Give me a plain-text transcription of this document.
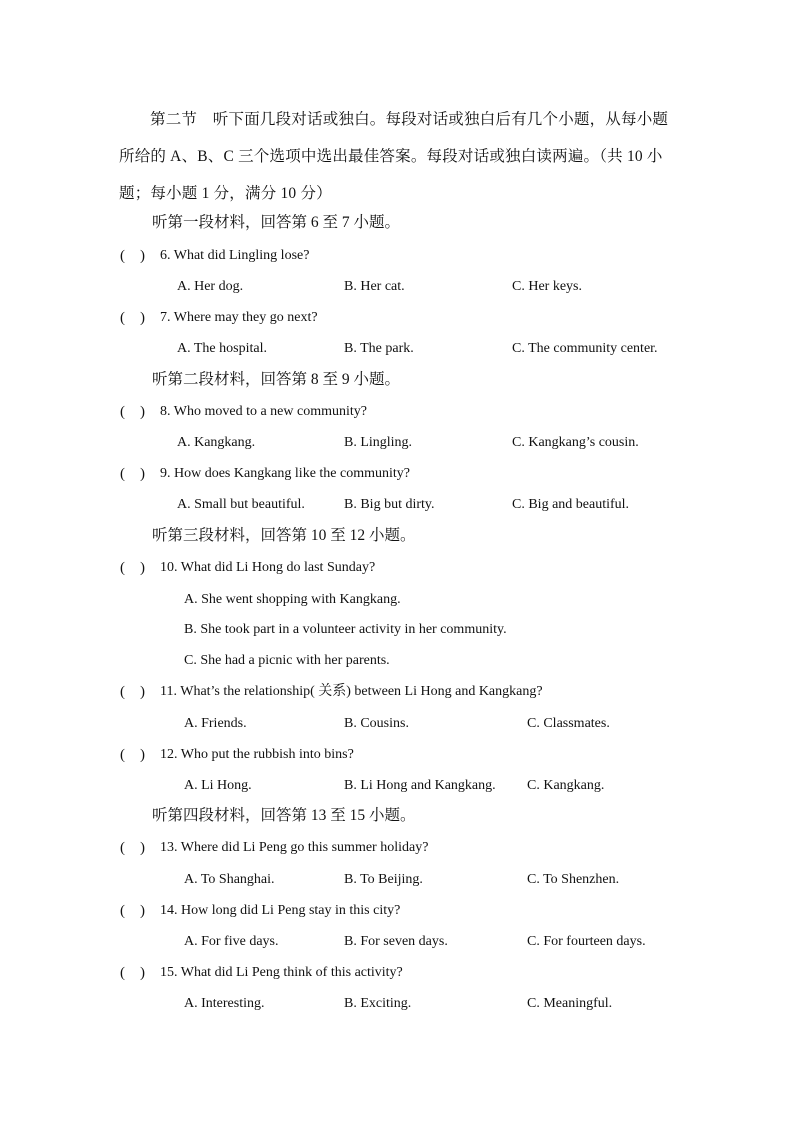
第二节　听下面几段对话或独白。每段对话或独白后有几个小题，从每小题
所给的 A、B、C 三个选项中选出最佳答案。每段对话或独白读两遍。（共 10 小
题；每小题 1 分，满分 10 分）
听第一段材料，回答第 6 至 7 小题。
(　) 6. What did Lingling lose?
A. Her dog.	B. Her cat.	C. Her keys.
(　) 7. Where may they go next?
A. The hospital.	B. The park.	C. The community center.
听第二段材料，回答第 8 至 9 小题。
(　) 8. Who moved to a new community?
A. Kangkang.	B. Lingling.	C. Kangkang’s cousin.
(　) 9. How does Kangkang like the community?
A. Small but beautiful.	B. Big but dirty.	C. Big and beautiful.
听第三段材料，回答第 10 至 12 小题。
(　) 10. What did Li Hong do last Sunday?
A. She went shopping with Kangkang.
B. She took part in a volunteer activity in her community.
C. She had a picnic with her parents.
(　) 11. What’s the relationship( 关系) between Li Hong and Kangkang?
A. Friends.	B. Cousins.	C. Classmates.
(　) 12. Who put the rubbish into bins?
A. Li Hong.	B. Li Hong and Kangkang. C. Kangkang.
听第四段材料，回答第 13 至 15 小题。
(　) 13. Where did Li Peng go this summer holiday?
A. To Shanghai.	B. To Beijing.	C. To Shenzhen.
(　) 14. How long did Li Peng stay in this city?
A. For five days.	B. For seven days.	C. For fourteen days.
(　) 15. What did Li Peng think of this activity?
A. Interesting.	B. Exciting.	C. Meaningful.
